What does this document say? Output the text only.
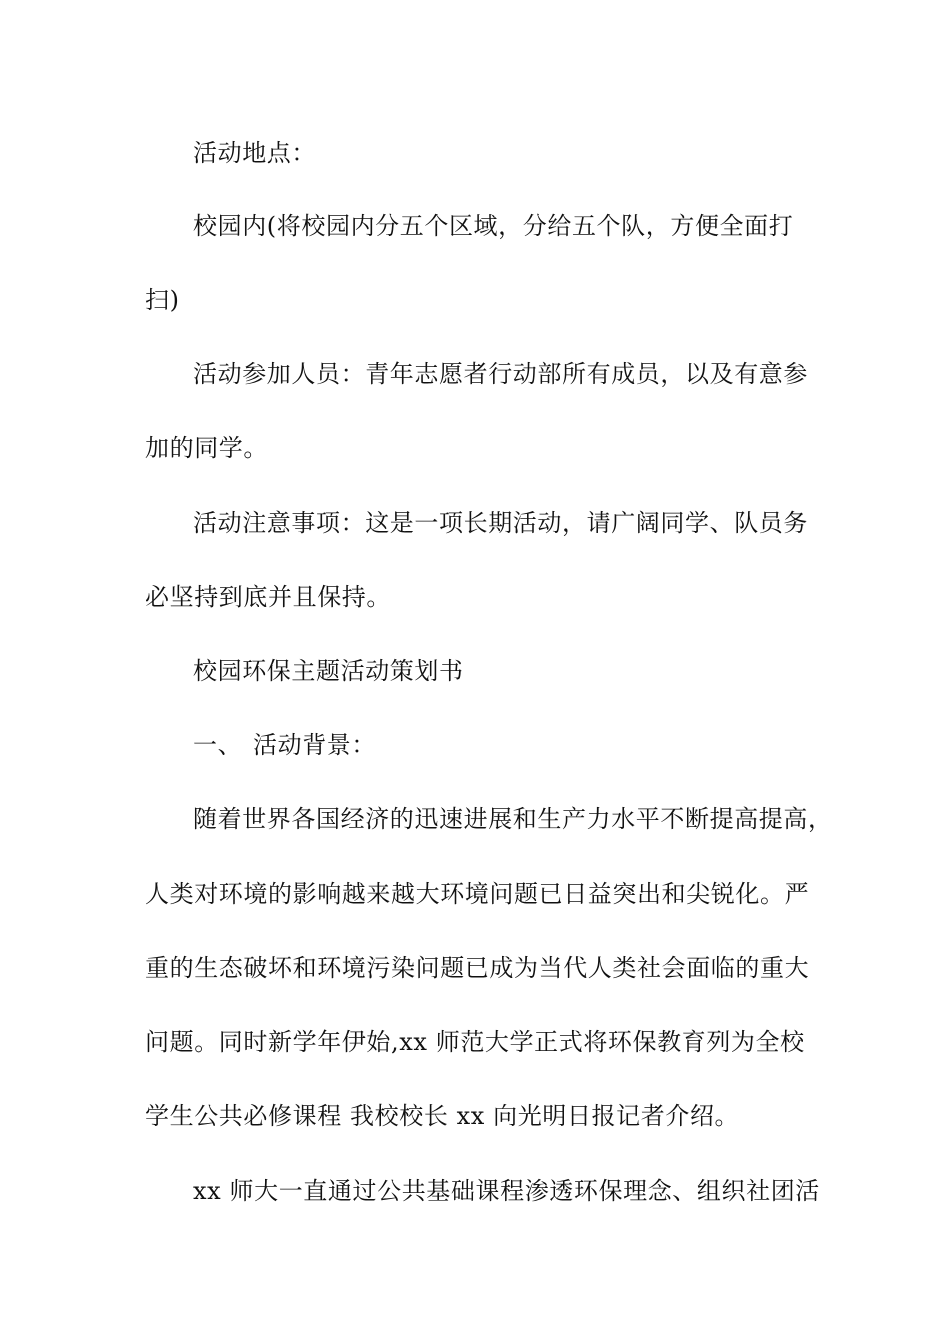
活动地点：
校园内(将校园内分五个区域，分给五个队，方便全面打
扫)
活动参加人员：青年志愿者行动部所有成员，以及有意参
加的同学。
活动注意事项：这是一项长期活动，请广阔同学、队员务
必坚持到底并且保持。
校园环保主题活动策划书
一、 活动背景：
随着世界各国经济的迅速进展和生产力水平不断提高提高，
人类对环境的影响越来越大环境问题已日益突出和尖锐化。严
重的生态破坏和环境污染问题已成为当代人类社会面临的重大
问题。同时新学年伊始,xx 师范大学正式将环保教育列为全校
学生公共必修课程 我校校长 xx 向光明日报记者介绍。
xx 师大一直通过公共基础课程渗透环保理念、组织社团活
